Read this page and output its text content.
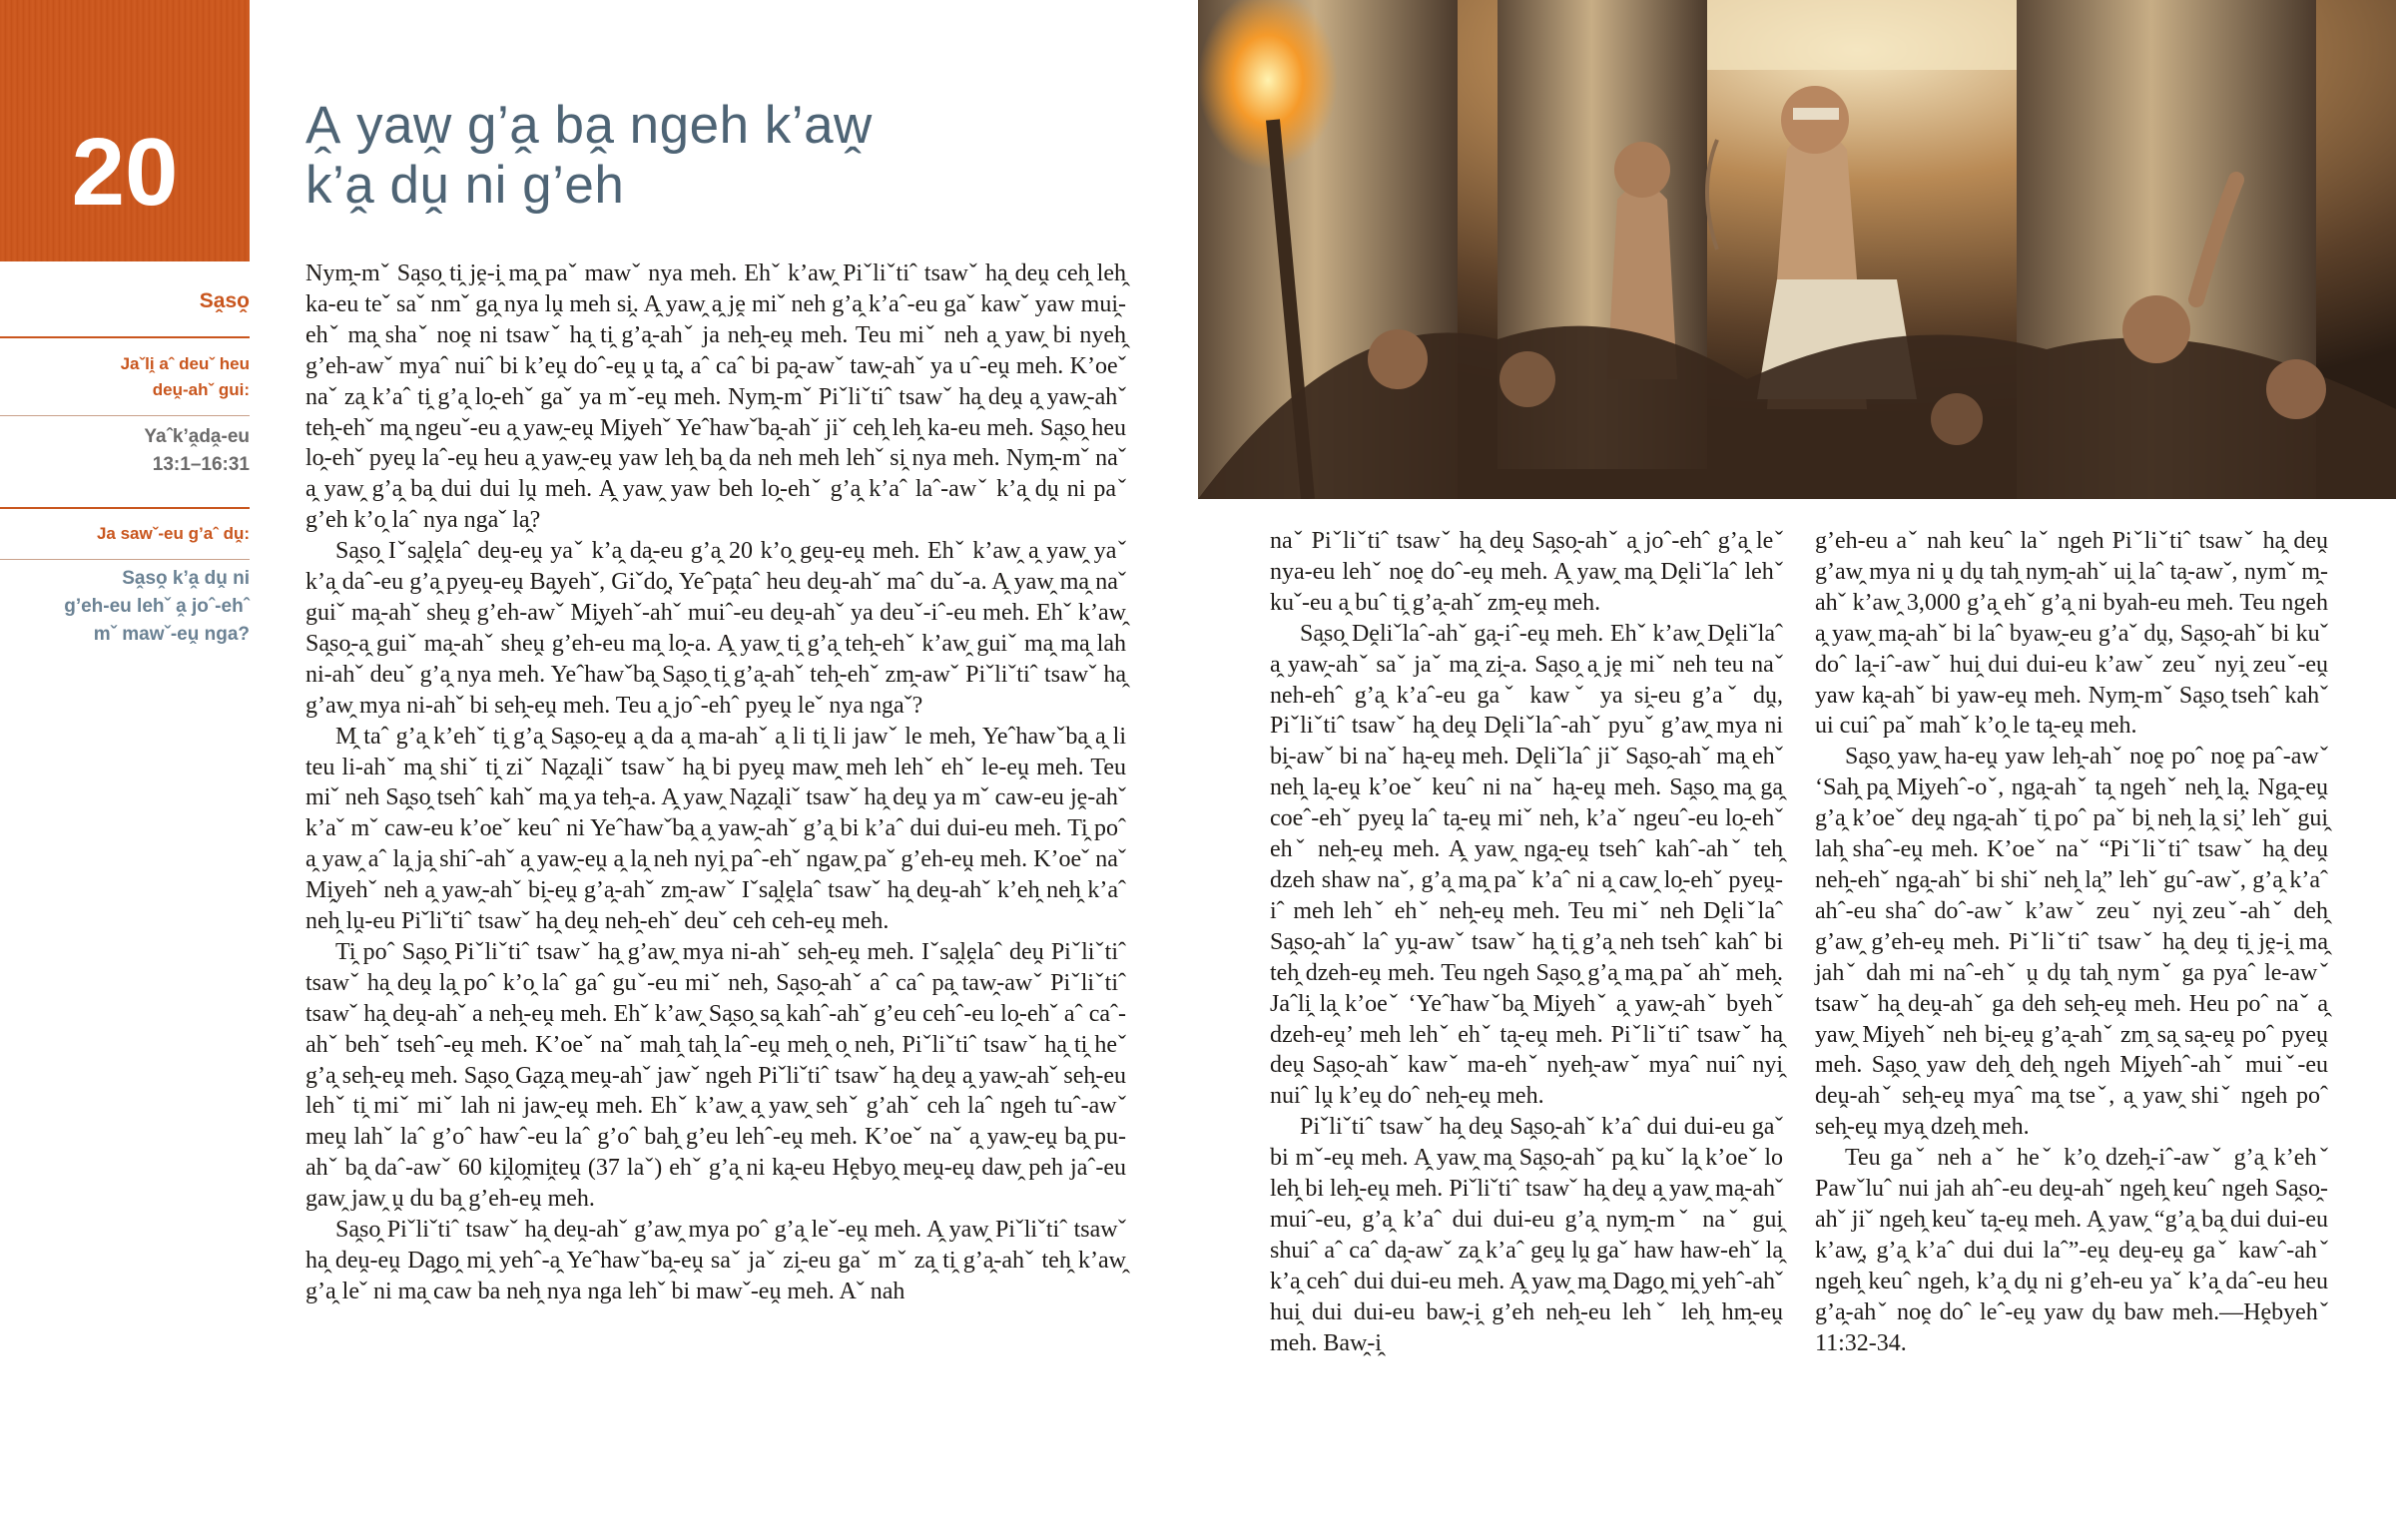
20
Sa̭so̭
Jaˇli̭ aˆ deuˇ heu
deṷ-ahˇ gui:
Yaˆk’a̭da̭-eu
13:1–16:31
Ja sawˇ-eu g’aˆ dṷ:
Sa̭so̭ k’a̭ dṷ ni
g’eh-eu lehˇ a̭ joˆ-ehˆ
mˇ mawˇ-eṷ nga?
A̭ yaw̭ g’a̭ ba̭ ngeh k’aw̭
k’a̭ dṷ ni g’eh

Nym̭-mˇ Sa̭so̭ ti̭ jḙ-i̭ ma̭ paˇ mawˇ nya meh. Ehˇ k’aw̭ Piˇliˇtiˆ tsawˇ ha̭ deṷ ceh̭ leh̭ ka-eu teˇ saˇ nmˇ ga̭ nya lṷ meh si̭. A̭ yaw̭ a̭ jḙ miˇ neh g’a̭ k’aˆ-eu gaˇ kawˇ yaw mui̭-ehˇ ma̭ shaˇ noḙ ni tsawˇ ha̭ ti̭ g’a̭-ahˇ ja neh̭-eṷ meh. Teu miˇ neh a̭ yaw̭ bi nyeh̭ g’eh-awˇ myaˆ nuiˆ bi k’eṷ doˆ-eṷ ṷ ta̭, aˆ caˆ bi pa̭-awˇ taw̭-ahˇ ya uˆ-eṷ meh. K’oeˇ naˇ za̭ k’aˆ ti̭ g’a̭ lo̭-ehˇ gaˇ ya mˇ-eṷ meh. Nym̭-mˇ Piˇliˇtiˆ tsawˇ ha̭ deṷ a̭ yaw̭-ahˇ teh̭-ehˇ ma̭ ngeuˇ-eu a̭ yaw̭-eṷ Mi̭yehˇ Yeˆhawˇba̭-ahˇ jiˇ ceh̭ leh̭ ka-eu meh. Sa̭so̭ heu lo̭-ehˇ pyeṷ laˆ-eṷ heu a̭ yaw̭-eṷ yaw leh̭ ba̭ da neh meh lehˇ si̭ nya meh. Nym̭-mˇ naˇ a̭ yaw̭ g’a̭ ba̭ dui dui lṷ meh. A̭ yaw̭ yaw beh lo̭-ehˇ g’a̭ k’aˆ laˆ-awˇ k’a̭ dṷ ni paˇ g’eh k’o̭ laˆ nya ngaˇ la̭?

Sa̭so̭ Iˇsa̭lḙlaˆ deṷ-eṷ yaˇ k’a̭ da̭-eu g’a̭ 20 k’o̭ geṷ-eṷ meh. Ehˇ k’aw̭ a̭ yaw̭ yaˇ k’a̭ daˆ-eu g’a̭ pyeṷ-eṷ Ba̭yehˇ, Giˇdo̭, Yeˆpa̭taˆ heu deṷ-ahˇ maˆ duˇ-a. A̭ yaw̭ ma̭ naˇ guiˇ ma̭-ahˇ sheṷ g’eh-awˇ Mi̭yehˇ-ahˇ muiˆ-eu deṷ-ahˇ ya deuˇ-iˆ-eu meh. Ehˇ k’aw̭ Sa̭so̭-a̭ guiˇ ma̭-ahˇ sheṷ g’eh-eu ma̭ lo̭-a. A̭ yaw̭ ti̭ g’a̭ teh̭-ehˇ k’aw̭ guiˇ ma̭ ma̭ lah ni-ahˇ deuˇ g’a̭ nya meh. Yeˆhawˇba̭ Sa̭so̭ ti̭ g’a̭-ahˇ teh̭-ehˇ zm̭-awˇ Piˇliˇtiˆ tsawˇ ha̭ g’aw̭ mya ni-ahˇ bi seh̭-eṷ meh. Teu a̭ joˆ-ehˆ pyeṷ leˇ nya ngaˇ?

M̭ taˆ g’a̭ k’ehˇ ti̭ g’a̭ Sa̭so̭-eṷ a̭ da a̭ ma-ahˇ a̭ li ti̭ li jawˇ le meh, Yeˆhawˇba̭ a̭ li teu li-ahˇ ma̭ shiˇ ti̭ ziˇ Na̭za̭liˇ tsawˇ ha̭ bi pyeṷ maw̭ meh lehˇ ehˇ le-eṷ meh. Teu miˇ neh Sa̭so̭ tsehˆ kahˇ ma̭ ya teh̭-a. A̭ yaw̭ Na̭za̭liˇ tsawˇ ha̭ deṷ ya mˇ caw-eu jḙ-ahˇ k’aˇ mˇ caw-eu k’oeˇ keuˆ ni Yeˆhawˇba̭ a̭ yaw̭-ahˇ g’a̭ bi k’aˆ dui dui-eu meh. Ti̭ poˆ a̭ yaw̭ aˆ la̭ ja̭ shiˆ-ahˇ a̭ yaw̭-eṷ a̭ la̭ neh nyi̭ paˆ-ehˇ ngaw̭ paˇ g’eh-eṷ meh. K’oeˇ naˇ Mi̭yehˇ neh a̭ yaw̭-ahˇ bi̭-eṷ g’a̭-ahˇ zm̭-awˇ Iˇsa̭lḙlaˆ tsawˇ ha̭ deṷ-ahˇ k’eh̭ neh̭ k’aˆ neh̭ lṷ-eu Piˇliˇtiˆ tsawˇ ha̭ deṷ neh̭-ehˇ deuˇ ceh ceh-eṷ meh.

Ti̭ poˆ Sa̭so̭ Piˇliˇtiˆ tsawˇ ha̭ g’aw̭ mya ni-ahˇ seh̭-eṷ meh. Iˇsa̭lḙlaˆ deṷ Piˇliˇtiˆ tsawˇ ha̭ deṷ la̭ poˆ k’o̭ laˆ gaˆ guˇ-eu miˇ neh, Sa̭so̭-ahˇ aˆ caˆ pa̭ taw̭-awˇ Piˇliˇtiˆ tsawˇ ha̭ deṷ-ahˇ a neh̭-eṷ meh. Ehˇ k’aw̭ Sa̭so̭ sa̭ kahˆ-ahˇ g’eu cehˆ-eu lo̭-ehˇ aˆ caˆ-ahˇ behˇ tsehˆ-eṷ meh. K’oeˇ naˇ mah̭ tah̭ laˆ-eṷ meh̭ o̭ neh, Piˇliˇtiˆ tsawˇ ha̭ ti̭ heˇ g’a̭ seh̭-eṷ meh. Sa̭so̭ Ga̭za̭ meṷ-ahˇ jawˇ ngeh Piˇliˇtiˆ tsawˇ ha̭ deṷ a̭ yaw̭-ahˇ seh̭-eu lehˇ ti̭ miˇ miˇ lah ni jaw̭-eṷ meh. Ehˇ k’aw̭ a̭ yaw̭ sehˇ g’ahˇ ceh laˆ ngeh tuˆ-awˇ meṷ lahˇ laˆ g’oˆ hawˆ-eu laˆ g’oˆ bah̭ g’eu lehˆ-eṷ meh. K’oeˇ naˇ a̭ yaw̭-eṷ ba̭ pu-ahˇ ba̭ daˆ-awˇ 60 ki̭lo̭mi̭teṷ (37 laˇ) ehˇ g’a̭ ni ka̭-eu Hḙbyo̭ meṷ-eṷ daw̭ peh jaˆ-eu gaw̭ jaw̭ ṷ du ba̭ g’eh-eṷ meh.

Sa̭so̭ Piˇliˇtiˆ tsawˇ ha̭ deṷ-ahˇ g’aw̭ mya poˆ g’a̭ leˇ-eṷ meh. A̭ yaw̭ Piˇliˇtiˆ tsawˇ ha̭ deṷ-eṷ Da̭go̭ mi̭ yehˆ-a̭ Yeˆhawˇba̭-eṷ saˇ jaˇ zi̭-eu gaˇ mˇ za̭ ti̭ g’a̭-ahˇ teh̭ k’aw̭ g’a̭ leˇ ni ma̭ caw ba neh̭ nya nga lehˇ bi mawˇ-eṷ meh. Aˇ nah

naˇ Piˇliˇtiˆ tsawˇ ha̭ deṷ Sa̭so̭-ahˇ a̭ joˆ-ehˆ g’a̭ leˇ nya-eu lehˇ noḙ doˆ-eṷ meh. A̭ yaw̭ ma̭ Dḙliˇlaˆ lehˇ kuˇ-eu a̭ buˆ ti̭ g’a̭-ahˇ zm̭-eṷ meh.

Sa̭so̭ Dḙliˇlaˆ-ahˇ ga̭-iˆ-eṷ meh. Ehˇ k’aw̭ Dḙliˇlaˆ a̭ yaw̭-ahˇ saˇ jaˇ ma̭ zi̭-a. Sa̭so̭ a̭ jḙ miˇ neh teu naˇ neh-ehˆ g’a̭ k’aˆ-eu gaˇ kawˇ ya si̭-eu g’aˇ dṷ, Piˇliˇtiˆ tsawˇ ha̭ deṷ Dḙliˇlaˆ-ahˇ pyuˇ g’aw̭ mya ni bi̭-awˇ bi naˇ ha̭-eṷ meh. Dḙliˇlaˆ jiˇ Sa̭so̭-ahˇ ma̭ ehˇ neh̭ la̭-eṷ k’oeˇ keuˆ ni naˇ ha̭-eṷ meh. Sa̭so̭ ma̭ ga̭ coeˆ-ehˇ pyeṷ laˆ ta̭-eṷ miˇ neh, k’aˇ ngeuˆ-eu lo̭-ehˇ ehˇ neh̭-eṷ meh. A̭ yaw̭ nga̭-eṷ tsehˆ kahˆ-ahˇ teh̭ dzeh shaw naˇ, g’a̭ ma̭ paˇ k’aˆ ni a̭ caw̭ lo̭-ehˇ pyeṷ-iˆ meh lehˇ ehˇ neh̭-eṷ meh. Teu miˇ neh Dḙliˇlaˆ Sa̭so̭-ahˇ laˆ yṷ-awˇ tsawˇ ha̭ ti̭ g’a̭ neh tsehˆ kahˆ bi teh̭ dzeh-eṷ meh. Teu ngeh Sa̭so̭ g’a̭ ma̭ paˇ ahˇ meh̭. Jaˆli̭ la̭ k’oeˇ ‘Yeˆhawˇba̭ Mi̭yehˇ a̭ yaw̭-ahˇ byehˇ dzeh-eṷ’ meh lehˇ ehˇ ta̭-eṷ meh. Piˇliˇtiˆ tsawˇ ha̭ deṷ Sa̭so̭-ahˇ kawˇ ma-ehˇ nyeh̭-awˇ myaˆ nuiˆ nyi̭ nuiˆ lṷ k’eṷ doˆ neh̭-eṷ meh.

Piˇliˇtiˆ tsawˇ ha̭ deṷ Sa̭so̭-ahˇ k’aˆ dui dui-eu gaˇ bi mˇ-eṷ meh. A̭ yaw̭ ma̭ Sa̭so̭-ahˇ pa̭ kuˇ la̭ k’oeˇ lo leh̭ bi leh̭-eṷ meh. Piˇliˇtiˆ tsawˇ ha̭ deṷ a̭ yaw̭ ma̭-ahˇ muiˆ-eu, g’a̭ k’aˆ dui dui-eu g’a̭ nym̭-mˇ naˇ gui̭ shuiˆ aˆ caˆ da̭-awˇ za̭ k’aˆ geṷ lṷ gaˇ haw haw-ehˇ la̭ k’a̭ cehˆ dui dui-eu meh. A̭ yaw̭ ma̭ Da̭go̭ mi̭ yehˆ-ahˇ hui̭ dui dui-eu baw̭-i̭ g’eh neh̭-eu lehˇ leh̭ hm̭-eṷ meh. Baw̭-i̭

g’eh-eu aˇ nah keuˆ laˇ ngeh Piˇliˇtiˆ tsawˇ ha̭ deṷ g’aw̭ mya ni ṷ dṷ tah̭ nym̭-ahˇ ui̭ laˆ ta̭-awˇ, nymˇ m̭-ahˇ k’aw̭ 3,000 g’a̭ ehˇ g’a̭ ni byah-eu meh. Teu ngeh a̭ yaw̭ ma̭-ahˇ bi laˆ byaw̭-eu g’aˇ dṷ, Sa̭so̭-ahˇ bi kuˇ doˆ la̭-iˆ-awˇ hui̭ dui dui-eu k’awˇ zeuˇ nyi̭ zeuˇ-eṷ yaw ka̭-ahˇ bi yaw-eṷ meh. Nym̭-mˇ Sa̭so̭ tsehˆ kahˇ ui cuiˆ paˇ mahˇ k’o̭ le ta̭-eṷ meh.

Sa̭so̭ yaw̭ ha-eṷ yaw leh̭-ahˇ noḙ poˆ noḙ paˆ-awˇ ‘Sah̭ pa̭ Mi̭yehˆ-oˇ, nga̭-ahˇ ta̭ ngehˇ neh̭ la̭. Nga̭-eṷ g’a̭ k’oeˇ deṷ nga̭-ahˇ ti̭ poˆ paˇ bi̭ neh̭ la̭ si̭’ lehˇ gui̭ lah̭ shaˆ-eṷ meh. K’oeˇ naˇ “Piˇliˇtiˆ tsawˇ ha̭ deṷ neh̭-ehˇ nga̭-ahˇ bi shiˇ neh̭ la̭” lehˇ guˆ-awˇ, g’a̭ k’aˆ ahˆ-eu shaˆ doˆ-awˇ k’awˇ zeuˇ nyi̭ zeuˇ-ahˇ deh̭ g’aw̭ g’eh-eṷ meh. Piˇliˇtiˆ tsawˇ ha̭ deṷ ti̭ jḙ-i̭ ma̭ jahˇ dah mi naˆ-ehˇ ṷ dṷ tah̭ nymˇ ga pyaˆ le-awˇ tsawˇ ha̭ deṷ-ahˇ ga deh seh̭-eṷ meh. Heu poˆ naˇ a̭ yaw̭ Mi̭yehˇ neh bi̭-eṷ g’a̭-ahˇ zm̭ sa̭ sa̭-eṷ poˆ pyeṷ meh. Sa̭so̭ yaw deh̭ deh̭ ngeh Mi̭yehˆ-ahˇ muiˇ-eu deṷ-ahˇ seh̭-eṷ myaˆ ma̭ tseˇ, a̭ yaw̭ shiˇ ngeh poˆ seh̭-eṷ mya̭ dzeh̭ meh.

Teu gaˇ neh aˇ heˇ k’o̭ dzeh̭-iˆ-awˇ g’a̭ k’ehˇ Pawˇluˆ nui jah ahˆ-eu deṷ-ahˇ ngeh̭ keuˆ ngeh Sa̭so̭-ahˇ jiˇ ngeh̭ keuˇ ta̭-eṷ meh. A̭ yaw̭ “g’a̭ ba̭ dui dui-eu k’aw̭, g’a̭ k’aˆ dui dui laˆ”-eṷ deṷ-eṷ gaˇ kawˆ-ahˇ ngeh̭ keuˆ ngeh, k’a̭ dṷ ni g’eh-eu yaˇ k’a̭ daˆ-eu heu g’a̭-ahˇ noḙ doˆ leˆ-eṷ yaw dṷ baw meh.—Hḙbyehˇ 11:32-34.
